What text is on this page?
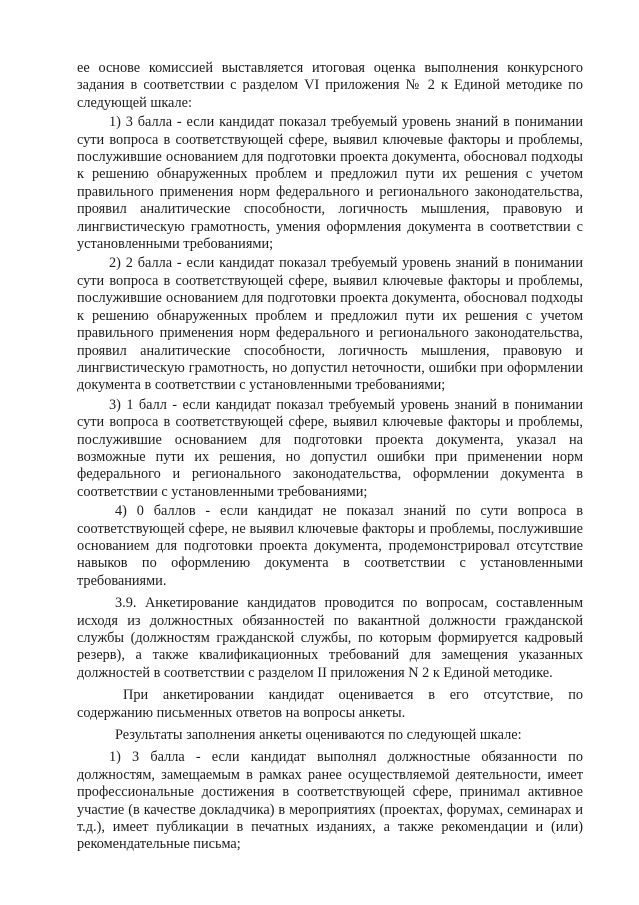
ее основе комиссией выставляется итоговая оценка выполнения конкурсного задания в соответствии с разделом VI приложения № 2 к Единой методике по следующей шкале:

1) 3 балла - если кандидат показал требуемый уровень знаний в понимании сути вопроса в соответствующей сфере, выявил ключевые факторы и проблемы, послужившие основанием для подготовки проекта документа, обосновал подходы к решению обнаруженных проблем и предложил пути их решения с учетом правильного применения норм федерального и регионального законодательства, проявил аналитические способности, логичность мышления, правовую и лингвистическую грамотность, умения оформления документа в соответствии с установленными требованиями;

2) 2 балла - если кандидат показал требуемый уровень знаний в понимании сути вопроса в соответствующей сфере, выявил ключевые факторы и проблемы, послужившие основанием для подготовки проекта документа, обосновал подходы к решению обнаруженных проблем и предложил пути их решения с учетом правильного применения норм федерального и регионального законодательства, проявил аналитические способности, логичность мышления, правовую и лингвистическую грамотность, но допустил неточности, ошибки при оформлении документа в соответствии с установленными требованиями;

3) 1 балл - если кандидат показал требуемый уровень знаний в понимании сути вопроса в соответствующей сфере, выявил ключевые факторы и проблемы, послужившие основанием для подготовки проекта документа, указал на возможные пути их решения, но допустил ошибки при применении норм федерального и регионального законодательства, оформлении документа в соответствии с установленными требованиями;

4) 0 баллов - если кандидат не показал знаний по сути вопроса в соответствующей сфере, не выявил ключевые факторы и проблемы, послужившие основанием для подготовки проекта документа, продемонстрировал отсутствие навыков по оформлению документа в соответствии с установленными требованиями.

3.9. Анкетирование кандидатов проводится по вопросам, составленным исходя из должностных обязанностей по вакантной должности гражданской службы (должностям гражданской службы, по которым формируется кадровый резерв), а также квалификационных требований для замещения указанных должностей в соответствии с разделом II приложения N 2 к Единой методике.

При анкетировании кандидат оценивается в его отсутствие, по содержанию письменных ответов на вопросы анкеты.

Результаты заполнения анкеты оцениваются по следующей шкале:

1) 3 балла - если кандидат выполнял должностные обязанности по должностям, замещаемым в рамках ранее осуществляемой деятельности, имеет профессиональные достижения в соответствующей сфере, принимал активное участие (в качестве докладчика) в мероприятиях (проектах, форумах, семинарах и т.д.), имеет публикации в печатных изданиях, а также рекомендации и (или) рекомендательные письма;
